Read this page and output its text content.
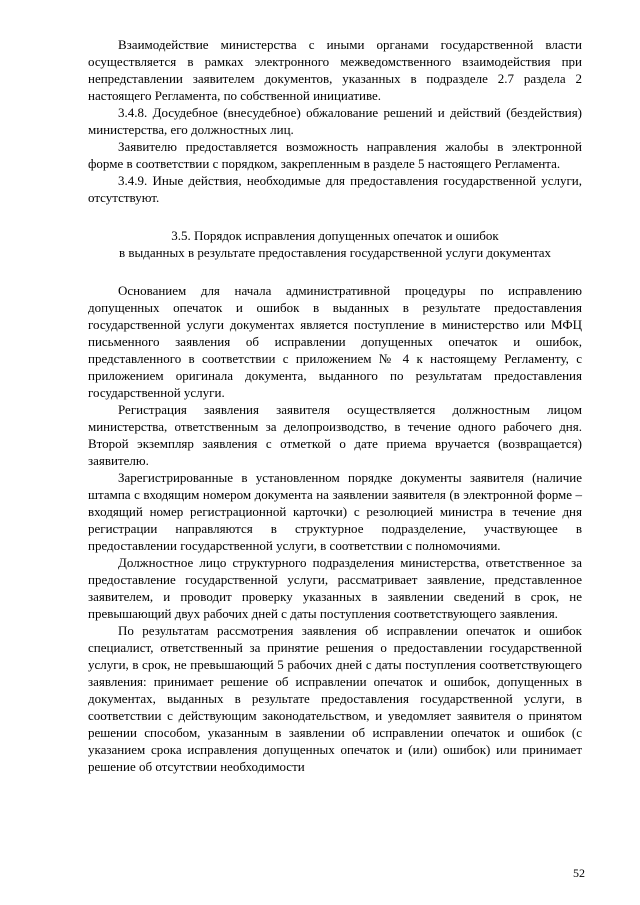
Взаимодействие министерства с иными органами государственной власти осуществляется в рамках электронного межведомственного взаимодействия при непредставлении заявителем документов, указанных в подразделе 2.7 раздела 2 настоящего Регламента, по собственной инициативе.

3.4.8. Досудебное (внесудебное) обжалование решений и действий (бездействия) министерства, его должностных лиц.

Заявителю предоставляется возможность направления жалобы в электронной форме в соответствии с порядком, закрепленным в разделе 5 настоящего Регламента.

3.4.9. Иные действия, необходимые для предоставления государственной услуги, отсутствуют.

3.5. Порядок исправления допущенных опечаток и ошибок
в выданных в результате предоставления государственной услуги документах

Основанием для начала административной процедуры по исправлению допущенных опечаток и ошибок в выданных в результате предоставления государственной услуги документах является поступление в министерство или МФЦ письменного заявления об исправлении допущенных опечаток и ошибок, представленного в соответствии с приложением № 4 к настоящему Регламенту, с приложением оригинала документа, выданного по результатам предоставления государственной услуги.

Регистрация заявления заявителя осуществляется должностным лицом министерства, ответственным за делопроизводство, в течение одного рабочего дня. Второй экземпляр заявления с отметкой о дате приема вручается (возвращается) заявителю.

Зарегистрированные в установленном порядке документы заявителя (наличие штампа с входящим номером документа на заявлении заявителя (в электронной форме – входящий номер регистрационной карточки) с резолюцией министра в течение дня регистрации направляются в структурное подразделение, участвующее в предоставлении государственной услуги, в соответствии с полномочиями.

Должностное лицо структурного подразделения министерства, ответственное за предоставление государственной услуги, рассматривает заявление, представленное заявителем, и проводит проверку указанных в заявлении сведений в срок, не превышающий двух рабочих дней с даты поступления соответствующего заявления.

По результатам рассмотрения заявления об исправлении опечаток и ошибок специалист, ответственный за принятие решения о предоставлении государственной услуги, в срок, не превышающий 5 рабочих дней с даты поступления соответствующего заявления: принимает решение об исправлении опечаток и ошибок, допущенных в документах, выданных в результате предоставления государственной услуги, в соответствии с действующим законодательством, и уведомляет заявителя о принятом решении способом, указанным в заявлении об исправлении опечаток и ошибок (с указанием срока исправления допущенных опечаток и (или) ошибок) или принимает решение об отсутствии необходимости

52
